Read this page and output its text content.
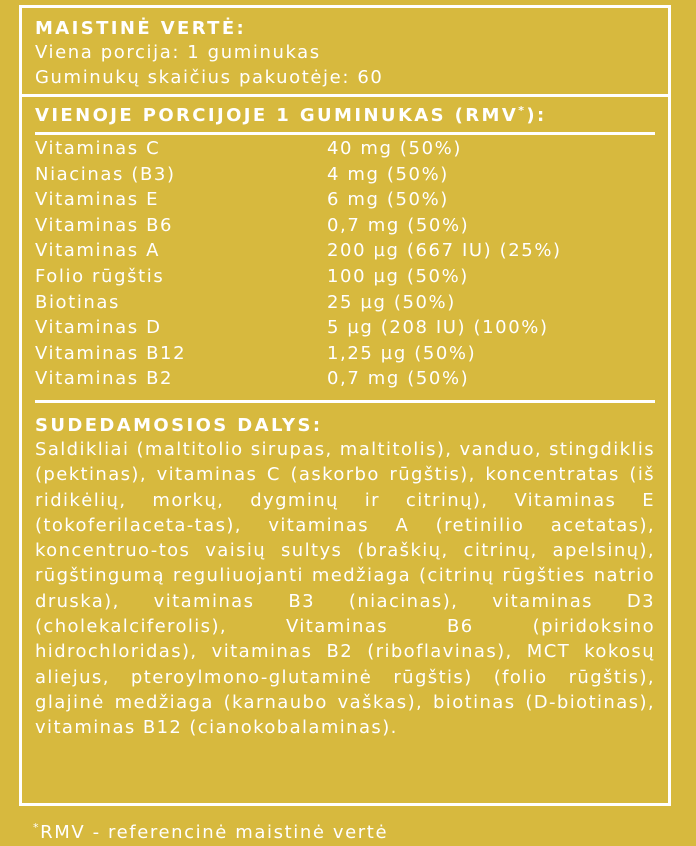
MAISTINĖ VERTĖ:
Viena porcija: 1 guminukas
Guminukų skaičius pakuotėje: 60
VIENOJE PORCIJOJE 1 GUMINUKAS (RMV*):
Vitaminas C	40 mg (50%)
Niacinas (B3)	4 mg (50%)
Vitaminas E	6 mg (50%)
Vitaminas B6	0,7 mg (50%)
Vitaminas A	200 µg (667 IU) (25%)
Folio rūgštis	100 µg (50%)
Biotinas	25 µg (50%)
Vitaminas D	5 µg (208 IU) (100%)
Vitaminas B12	1,25 µg (50%)
Vitaminas B2	0,7 mg (50%)
SUDEDAMOSIOS DALYS:
Saldikliai (maltitolio sirupas, maltitolis), vanduo, stingdiklis (pektinas), vitaminas C (askorbo rūgštis), koncentratas (iš ridikėlių, morkų, dygminų ir citrinų), Vitaminas E (tokoferilaceta-tas), vitaminas A (retinilio acetatas), koncentruo-tos vaisių sultys (braškių, citrinų, apelsinų), rūgštingumą reguliuojanti medžiaga (citrinų rūgšties natrio druska), vitaminas B3 (niacinas), vitaminas D3 (cholekalciferolis), Vitaminas B6 (piridoksino hidrochloridas), vitaminas B2 (riboflavinas), MCT kokosų aliejus, pteroylmono-glutaminė rūgštis) (folio rūgštis), glajinė medžiaga (karnaubo vaškas), biotinas (D-biotinas), vitaminas B12 (cianokobalaminas).
*RMV - referencinė maistinė vertė
